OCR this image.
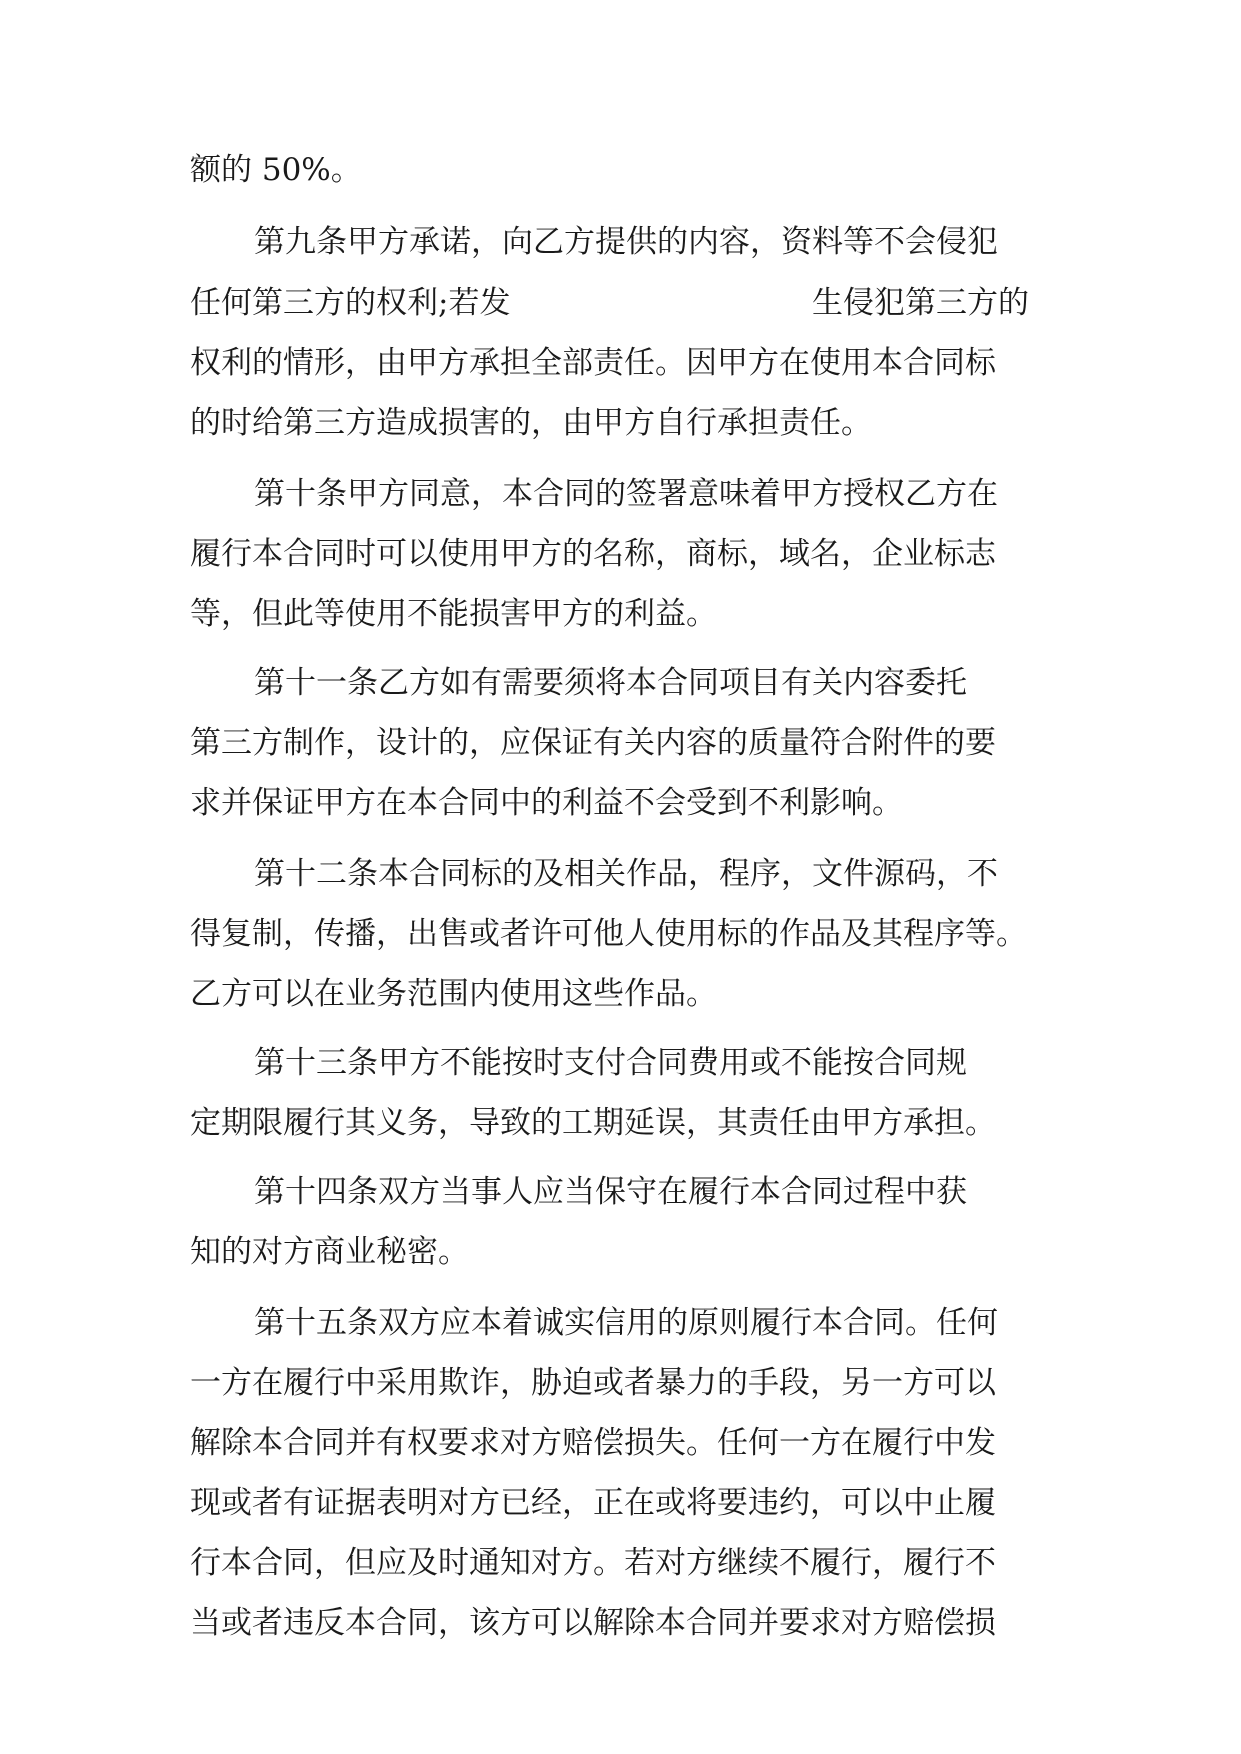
额的 50%。
第九条甲方承诺，向乙方提供的内容，资料等不会侵犯
任何第三方的权利;若发	生侵犯第三方的
权利的情形，由甲方承担全部责任。因甲方在使用本合同标
的时给第三方造成损害的，由甲方自行承担责任。
第十条甲方同意，本合同的签署意味着甲方授权乙方在
履行本合同时可以使用甲方的名称，商标，域名，企业标志
等，但此等使用不能损害甲方的利益。
第十一条乙方如有需要须将本合同项目有关内容委托
第三方制作，设计的，应保证有关内容的质量符合附件的要
求并保证甲方在本合同中的利益不会受到不利影响。
第十二条本合同标的及相关作品，程序，文件源码，不
得复制，传播，出售或者许可他人使用标的作品及其程序等。
乙方可以在业务范围内使用这些作品。
第十三条甲方不能按时支付合同费用或不能按合同规
定期限履行其义务，导致的工期延误，其责任由甲方承担。
第十四条双方当事人应当保守在履行本合同过程中获
知的对方商业秘密。
第十五条双方应本着诚实信用的原则履行本合同。任何
一方在履行中采用欺诈，胁迫或者暴力的手段，另一方可以
解除本合同并有权要求对方赔偿损失。任何一方在履行中发
现或者有证据表明对方已经，正在或将要违约，可以中止履
行本合同，但应及时通知对方。若对方继续不履行，履行不
当或者违反本合同，该方可以解除本合同并要求对方赔偿损
